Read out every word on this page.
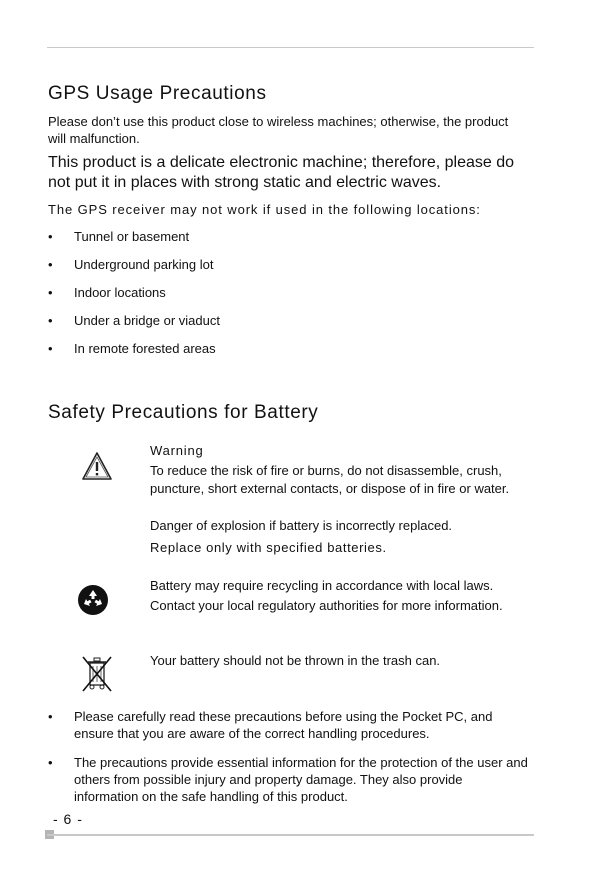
GPS Usage Precautions

Please don’t use this product close to wireless machines; otherwise, the product will malfunction.

This product is a delicate electronic machine; therefore, please do not put it in places with strong static and electric waves.

The GPS receiver may not work if used in the following locations:

• Tunnel or basement
• Underground parking lot
• Indoor locations
• Under a bridge or viaduct
• In remote forested areas
Safety Precautions for Battery

Warning

To reduce the risk of fire or burns, do not disassemble, crush, puncture, short external contacts, or dispose of in fire or water.

Danger of explosion if battery is incorrectly replaced.

Replace only with specified batteries.

Battery may require recycling in accordance with local laws.

Contact your local regulatory authorities for more information.

Your battery should not be thrown in the trash can.

• Please carefully read these precautions before using the Pocket PC, and ensure that you are aware of the correct handling procedures.
• The precautions provide essential information for the protection of the user and others from possible injury and property damage. They also provide information on the safe handling of this product.
- 6 -
